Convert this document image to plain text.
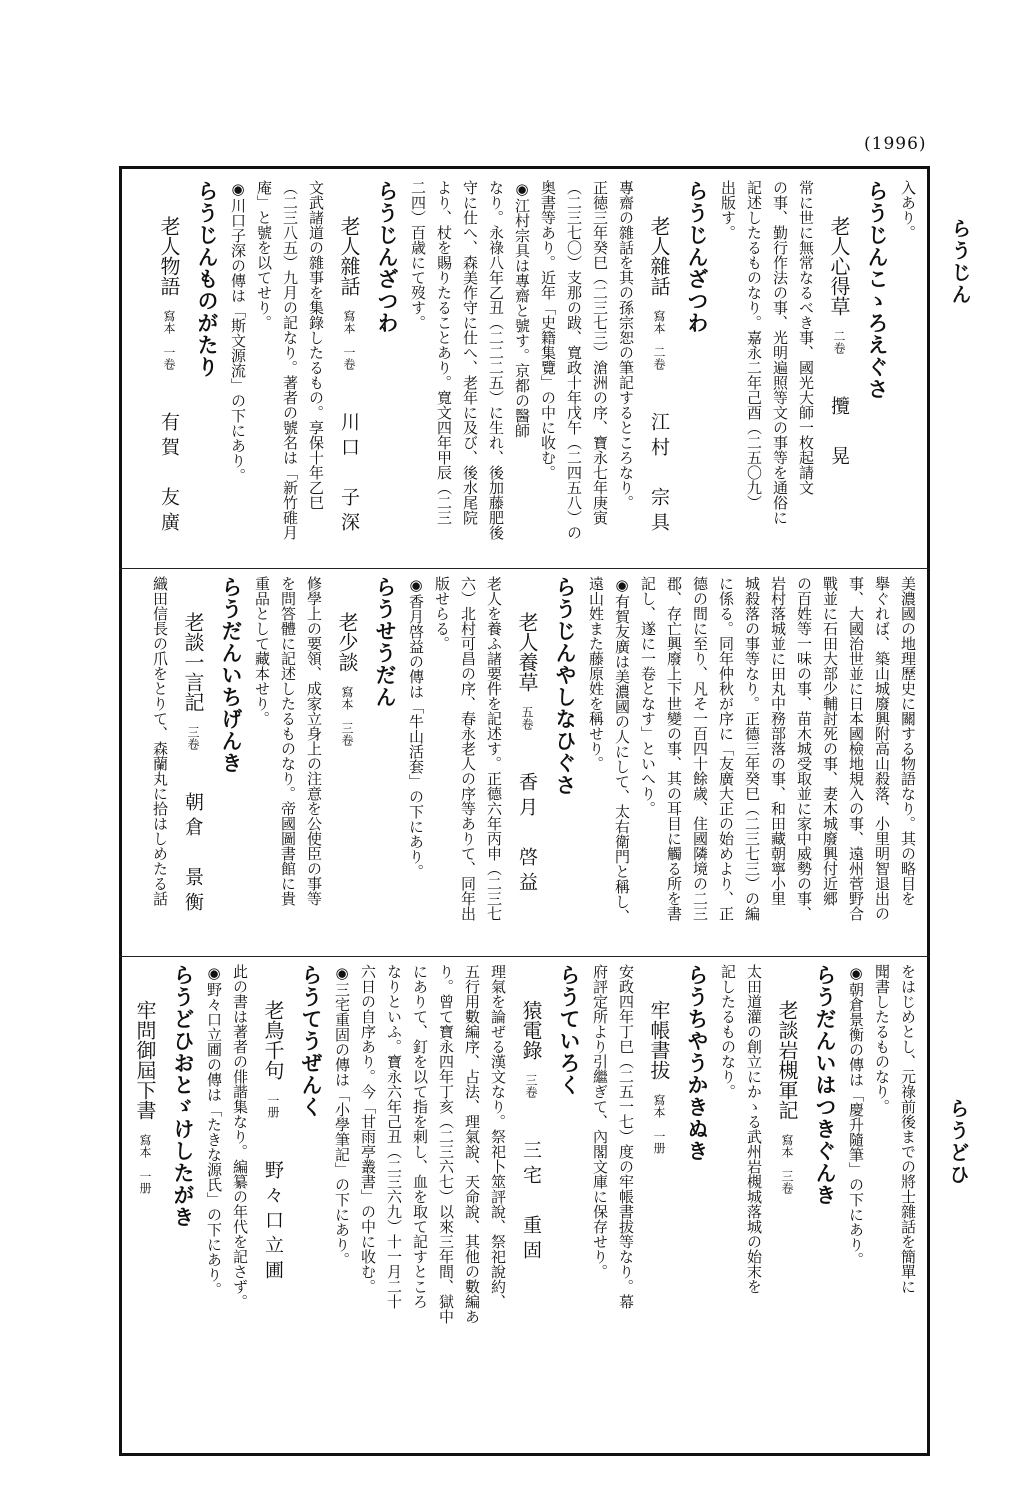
(1996)
らうじん
らうどひ
入あり。
らうじんこゝろえぐさ
老人心得草二卷攬　晃
常に世に無常なるべき事、國光大師一枚起請文
の事、勤行作法の事、光明遍照等文の事等を通俗に
記述したるものなり。嘉永二年己酉（二五〇九）
出版す。
らうじんざつわ
老人雜話寫本　二卷江村　宗具
專齋の雜話を其の孫宗恕の筆記するところなり。
正徳三年癸巳（二三七三）滄洲の序、寶永七年庚寅
（二三七〇）支那の跋、寬政十年戊午（二四五八）の
奥書等あり。近年「史籍集覽」の中に收む。
◉江村宗具は專齋と號す。京都の醫師
なり。永祿八年乙丑（二二二五）に生れ、後加藤肥後
守に仕へ、森美作守に仕へ、老年に及び、後水尾院
より、杖を賜りたることあり。寬文四年甲辰（二三
二四）百歳にて歿す。
らうじんざつわ
老人雜話寫本　一卷川口　子深
文武諸道の雜事を集錄したるもの。享保十年乙巳
（二三八五）九月の記なり。著者の號名は「新竹碓月
庵」と號を以てせり。
◉川口子深の傳は「斯文源流」の下にあり。
らうじんものがたり
老人物語寫本　一卷有賀　友廣
美濃國の地理歷史に關する物語なり。其の略目を
擧ぐれば、築山城廢興附高山殺落、小里明智退出の
事、大國治世並に日本國檢地規入の事、遠州菅野合
戰並に石田大部少輔討死の事、妻木城廢興付近郷
の百姓等一味の事、苗木城受取並に家中威勢の事、
岩村落城並に田丸中務部落の事、和田藏朝寧小里
城殺落の事等なり。正德三年癸巳（二三七三）の編
に係る。同年仲秋が序に「友廣大正の始めより、正
德の間に至り、凡そ一百四十餘歲、住國隣境の二三
郡、存亡興廢上下世變の事、其の耳目に觸る所を書
記し、遂に一卷となす」といへり。
◉有賀友廣は美濃國の人にして、太右衛門と稱し、
遠山姓また藤原姓を稱せり。
らうじんやしなひぐさ
老人養草五卷香月　啓益
老人を養ふ諸要件を記述す。正德六年丙申（二三七
六）北村可昌の序、春永老人の序等ありて、同年出
版せらる。
◉香月啓益の傳は「牛山活套」の下にあり。
らうせうだん
老少談寫本　三卷
修學上の要領、成家立身上の注意を公使臣の事等
を問答體に記述したるものなり。帝國圖書館に貴
重品として藏本せり。
らうだんいちげんき
老談一言記三卷朝倉　景衡
織田信長の爪をとりて、森蘭丸に拾はしめたる話
をはじめとし、元祿前後までの將士雜話を簡單に
聞書したるものなり。
◉朝倉景衡の傳は「慶升隨筆」の下にあり。
らうだんいはつきぐんき
老談岩槻軍記寫本　三卷
太田道灌の創立にかゝる武州岩槻城落城の始末を
記したるものなり。
らうちやうかきぬき
牢帳書拔寫本　一册
安政四年丁巳（二五一七）度の牢帳書拔等なり。幕
府評定所より引繼ぎて、內閣文庫に保存せり。
らうていろく
猿電錄三卷三宅　重固
理氣を論ぜる漢文なり。祭祀卜筮評說、祭祀說約、
五行用數編序、占法、理氣說、天命說、其他の數編あ
り。曾て寶永四年丁亥（二三六七）以來三年間、獄中
にありて、釘を以て指を刺し、血を取て記すところ
なりといふ。寶永六年己丑（二三六九）十一月二十
六日の自序あり。今「甘雨亭叢書」の中に收む。
◉三宅重固の傳は「小學筆記」の下にあり。
らうてうぜんく
老鳥千句一册野々口立圃
此の書は著者の俳諧集なり。編纂の年代を記さず。
◉野々口立圃の傳は「たきな源氏」の下にあり。
らうどひおとゞけしたがき
牢問御屆下書寫本　一册
